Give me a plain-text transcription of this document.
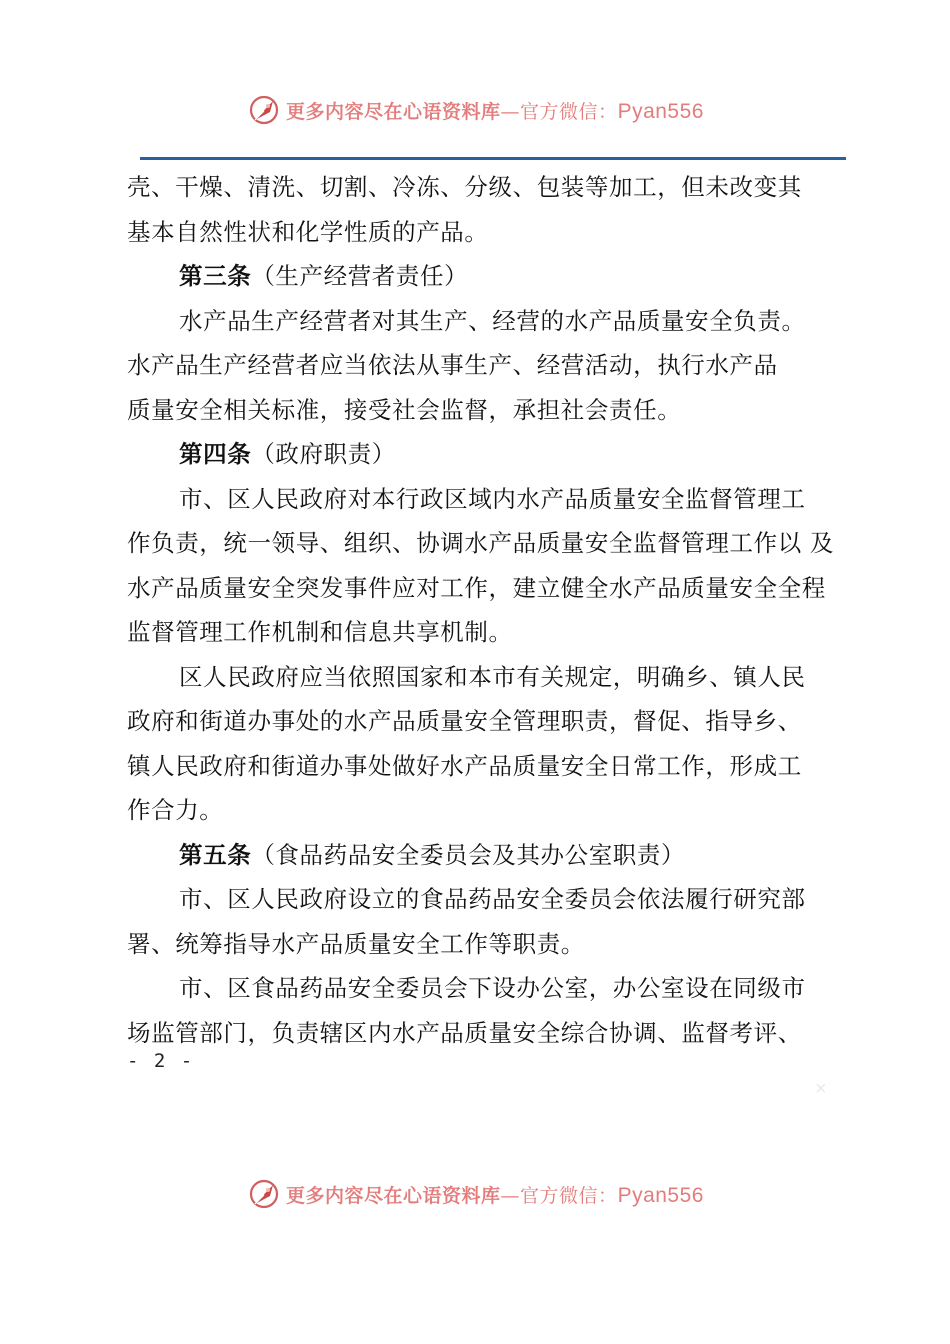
更多内容尽在心语资料库—官方微信：Pyan556
壳、干燥、清洗、切割、冷冻、分级、包装等加工，但未改变其
基本自然性状和化学性质的产品。
第三条（生产经营者责任）
水产品生产经营者对其生产、经营的水产品质量安全负责。
水产品生产经营者应当依法从事生产、经营活动，执行水产品
质量安全相关标准，接受社会监督，承担社会责任。
第四条（政府职责）
市、区人民政府对本行政区域内水产品质量安全监督管理工
作负责，统一领导、组织、协调水产品质量安全监督管理工作以 及
水产品质量安全突发事件应对工作，建立健全水产品质量安全全程
监督管理工作机制和信息共享机制。
区人民政府应当依照国家和本市有关规定，明确乡、镇人民
政府和街道办事处的水产品质量安全管理职责，督促、指导乡、
镇人民政府和街道办事处做好水产品质量安全日常工作，形成工
作合力。
第五条（食品药品安全委员会及其办公室职责）
市、区人民政府设立的食品药品安全委员会依法履行研究部
署、统筹指导水产品质量安全工作等职责。
市、区食品药品安全委员会下设办公室，办公室设在同级市
场监管部门，负责辖区内水产品质量安全综合协调、监督考评、
- 2 -
×
更多内容尽在心语资料库—官方微信：Pyan556
